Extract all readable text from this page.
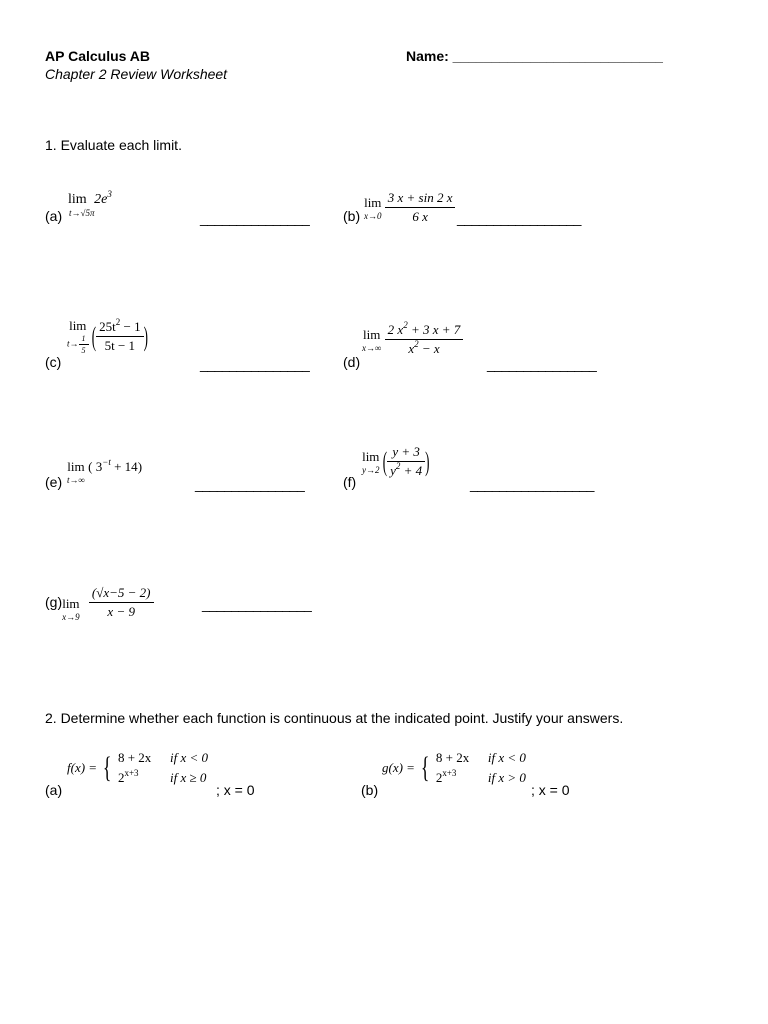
AP Calculus AB
Chapter 2 Review Worksheet
Name: ___________________________
1. Evaluate each limit.
(a)
$\lim 2e^3$
t→√5π	_______________ (b)
lim
x→0
$\frac{3 x + \sin 2 x}{6 x}$ _________________
(c)
lim
$t\to \frac{1}{5}$ ( $\frac{25t^2 - 1}{5t - 1}$ )
_______________ (d)
lim
x→∞
$\frac{2 x^2 + 3 x + 7}{x^2 - x}$
_______________
(e)
lim
t→∞
( $3^{-t} + 14$)
_______________	(f)
lim
y→2 ( $\frac{y + 3}{y^2 + 4}$ )
_________________
(g) lim
x→9
$\frac{(√x-5 - 2)}{x - 9}$	_______________
2. Determine whether each function is continuous at the indicated point. Justify your answers.
(a)
f(x) = { 8 + 2x if x < 0
$2^{x+3}$ if x ≥ 0
; x = 0	(b)
g(x) = { 8 + 2x if x < 0
$2^{x+3}$ if x > 0
; x = 0
